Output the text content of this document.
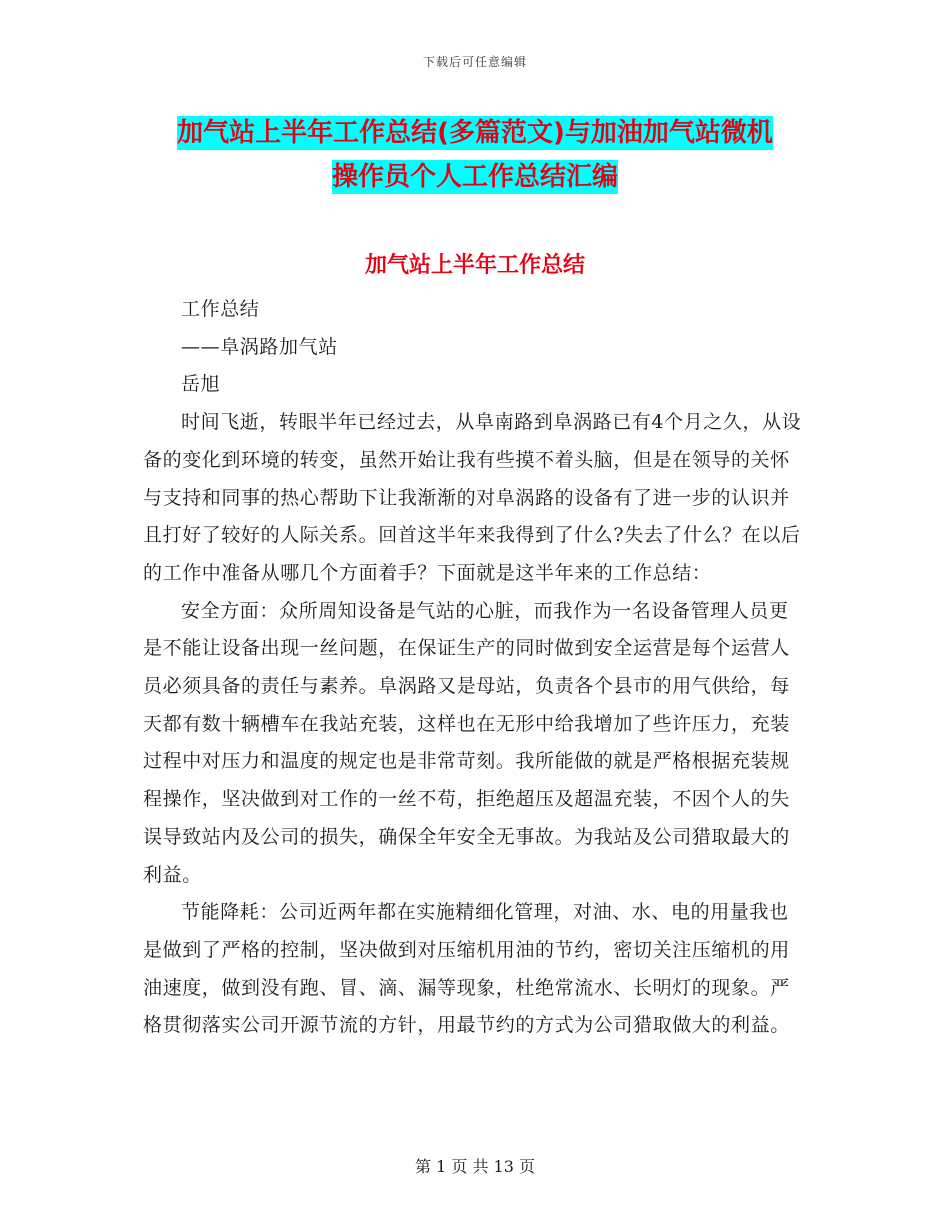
下载后可任意编辑
加气站上半年工作总结(多篇范文)与加油加气站微机
操作员个人工作总结汇编
加气站上半年工作总结

工作总结

——阜涡路加气站

岳旭

时间飞逝，转眼半年已经过去，从阜南路到阜涡路已有4个月之久，从设备的变化到环境的转变，虽然开始让我有些摸不着头脑，但是在领导的关怀与支持和同事的热心帮助下让我渐渐的对阜涡路的设备有了进一步的认识并且打好了较好的人际关系。回首这半年来我得到了什么?失去了什么？在以后的工作中准备从哪几个方面着手？下面就是这半年来的工作总结：

安全方面：众所周知设备是气站的心脏，而我作为一名设备管理人员更是不能让设备出现一丝问题，在保证生产的同时做到安全运营是每个运营人员必须具备的责任与素养。阜涡路又是母站，负责各个县市的用气供给，每天都有数十辆槽车在我站充装，这样也在无形中给我增加了些许压力，充装过程中对压力和温度的规定也是非常苛刻。我所能做的就是严格根据充装规程操作，坚决做到对工作的一丝不苟，拒绝超压及超温充装，不因个人的失误导致站内及公司的损失，确保全年安全无事故。为我站及公司猎取最大的利益。

节能降耗：公司近两年都在实施精细化管理，对油、水、电的用量我也是做到了严格的控制，坚决做到对压缩机用油的节约，密切关注压缩机的用油速度，做到没有跑、冒、滴、漏等现象，杜绝常流水、长明灯的现象。严格贯彻落实公司开源节流的方针，用最节约的方式为公司猎取做大的利益。

第 1 页 共 13 页
